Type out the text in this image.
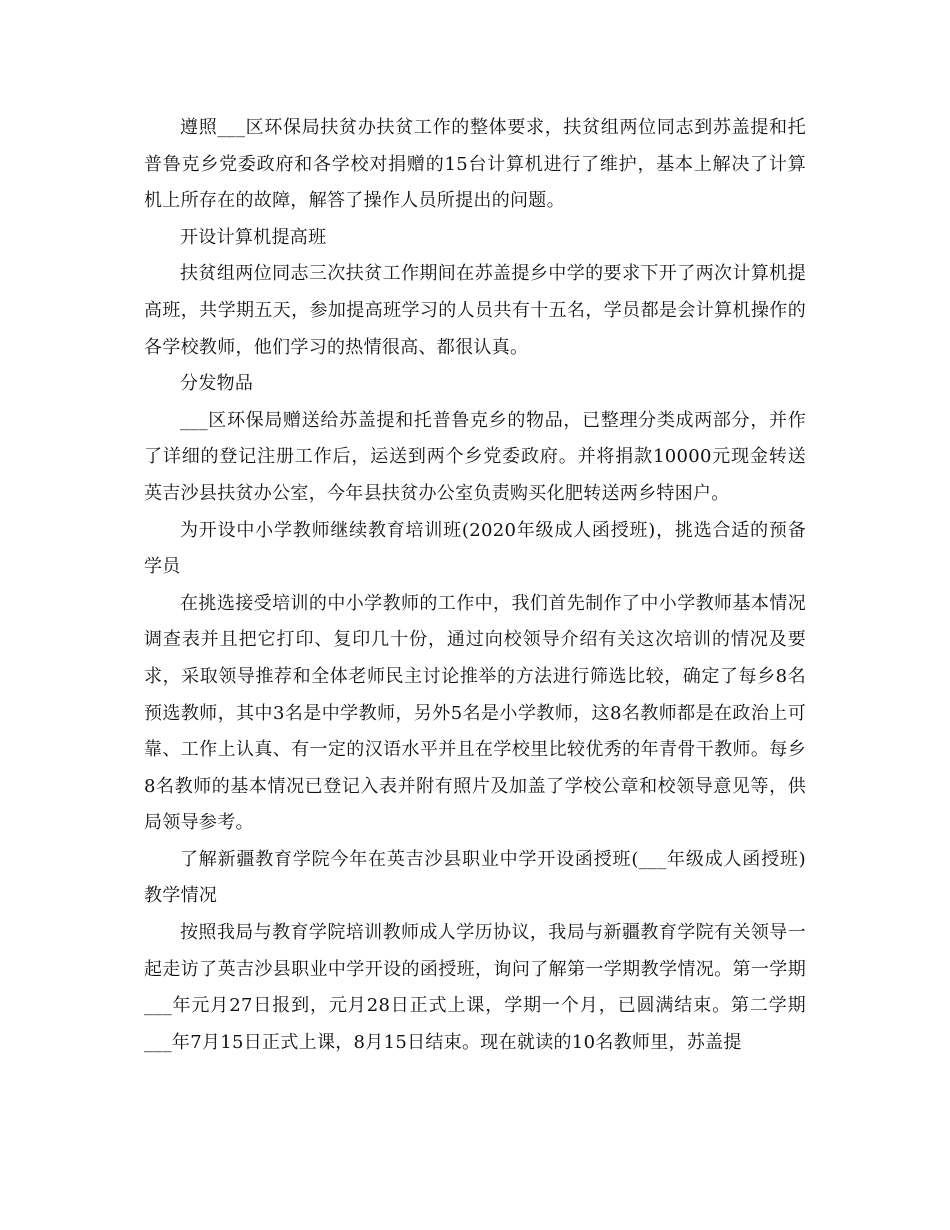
遵照___区环保局扶贫办扶贫工作的整体要求，扶贫组两位同志到苏盖提和托普鲁克乡党委政府和各学校对捐赠的15台计算机进行了维护，基本上解决了计算机上所存在的故障，解答了操作人员所提出的问题。

开设计算机提高班

扶贫组两位同志三次扶贫工作期间在苏盖提乡中学的要求下开了两次计算机提高班，共学期五天，参加提高班学习的人员共有十五名，学员都是会计算机操作的各学校教师，他们学习的热情很高、都很认真。

分发物品

___区环保局赠送给苏盖提和托普鲁克乡的物品，已整理分类成两部分，并作了详细的登记注册工作后，运送到两个乡党委政府。并将捐款10000元现金转送英吉沙县扶贫办公室，今年县扶贫办公室负责购买化肥转送两乡特困户。

为开设中小学教师继续教育培训班(2020年级成人函授班)，挑选合适的预备学员

在挑选接受培训的中小学教师的工作中，我们首先制作了中小学教师基本情况调查表并且把它打印、复印几十份，通过向校领导介绍有关这次培训的情况及要求，采取领导推荐和全体老师民主讨论推举的方法进行筛选比较，确定了每乡8名预选教师，其中3名是中学教师，另外5名是小学教师，这8名教师都是在政治上可靠、工作上认真、有一定的汉语水平并且在学校里比较优秀的年青骨干教师。每乡8名教师的基本情况已登记入表并附有照片及加盖了学校公章和校领导意见等，供局领导参考。

了解新疆教育学院今年在英吉沙县职业中学开设函授班(___年级成人函授班)教学情况

按照我局与教育学院培训教师成人学历协议，我局与新疆教育学院有关领导一起走访了英吉沙县职业中学开设的函授班，询问了解第一学期教学情况。第一学期___年元月27日报到，元月28日正式上课，学期一个月，已圆满结束。第二学期___年7月15日正式上课，8月15日结束。现在就读的10名教师里，苏盖提
